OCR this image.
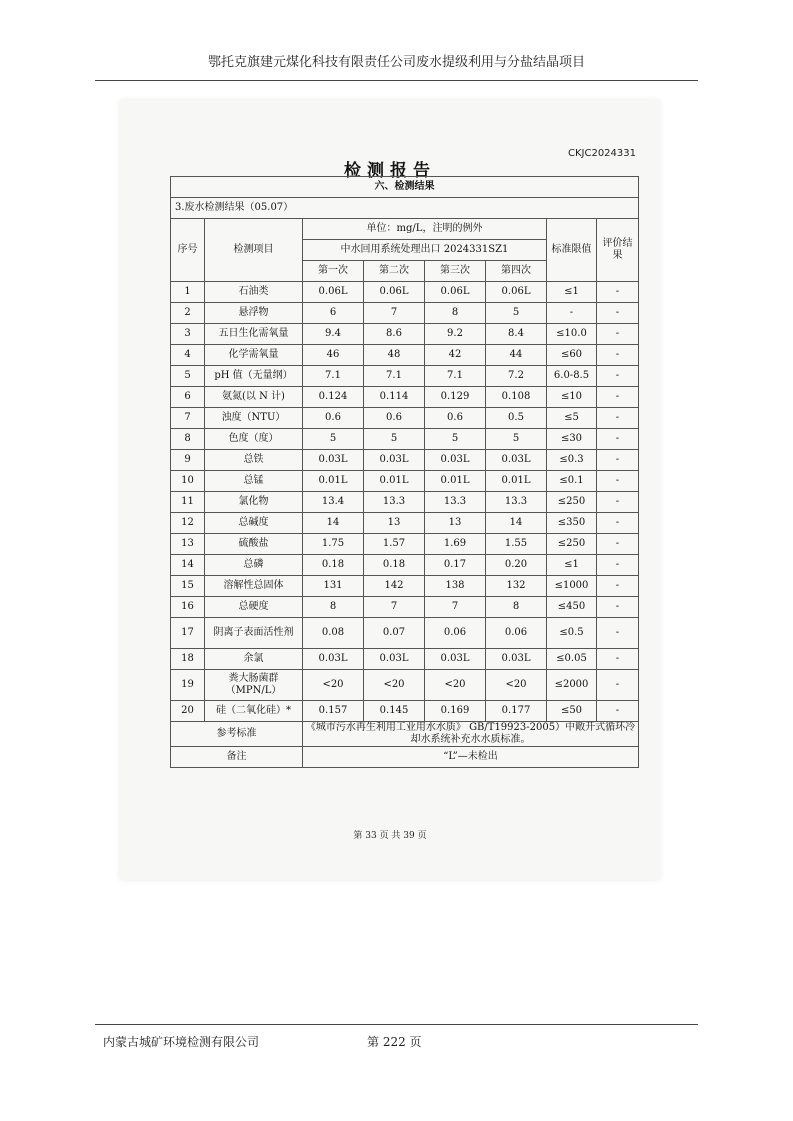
鄂托克旗建元煤化科技有限责任公司废水提级利用与分盐结晶项目
CKJC2024331
检测报告
六、检测结果							
3.废水检测结果（05.07）							
序号	检测项目	单位：mg/L，注明的例外				标准限值	评价结果
		中水回用系统处理出口 2024331SZ1					
		第一次	第二次	第三次	第四次		
1	石油类	0.06L	0.06L	0.06L	0.06L	≤1	-
2	悬浮物	6	7	8	5	-	-
3	五日生化需氧量	9.4	8.6	9.2	8.4	≤10.0	-
4	化学需氧量	46	48	42	44	≤60	-
5	pH 值（无量纲）	7.1	7.1	7.1	7.2	6.0-8.5	-
6	氨氮(以 N 计)	0.124	0.114	0.129	0.108	≤10	-
7	浊度（NTU）	0.6	0.6	0.6	0.5	≤5	-
8	色度（度）	5	5	5	5	≤30	-
9	总铁	0.03L	0.03L	0.03L	0.03L	≤0.3	-
10	总锰	0.01L	0.01L	0.01L	0.01L	≤0.1	-
11	氯化物	13.4	13.3	13.3	13.3	≤250	-
12	总碱度	14	13	13	14	≤350	-
13	硫酸盐	1.75	1.57	1.69	1.55	≤250	-
14	总磷	0.18	0.18	0.17	0.20	≤1	-
15	溶解性总固体	131	142	138	132	≤1000	-
16	总硬度	8	7	7	8	≤450	-
17	阴离子表面活性剂	0.08	0.07	0.06	0.06	≤0.5	-
18	余氯	0.03L	0.03L	0.03L	0.03L	≤0.05	-
19	粪大肠菌群（MPN/L）	<20	<20	<20	<20	≤2000	-
20	硅（二氧化硅）*	0.157	0.145	0.169	0.177	≤50	-
参考标准		《城市污水再生利用工业用水水质》 GB/T19923-2005）中敞开式循环冷却水系统补充水水质标准。					
备注		“L”—未检出					
第 33 页 共 39 页
内蒙古城矿环境检测有限公司	第 222 页
